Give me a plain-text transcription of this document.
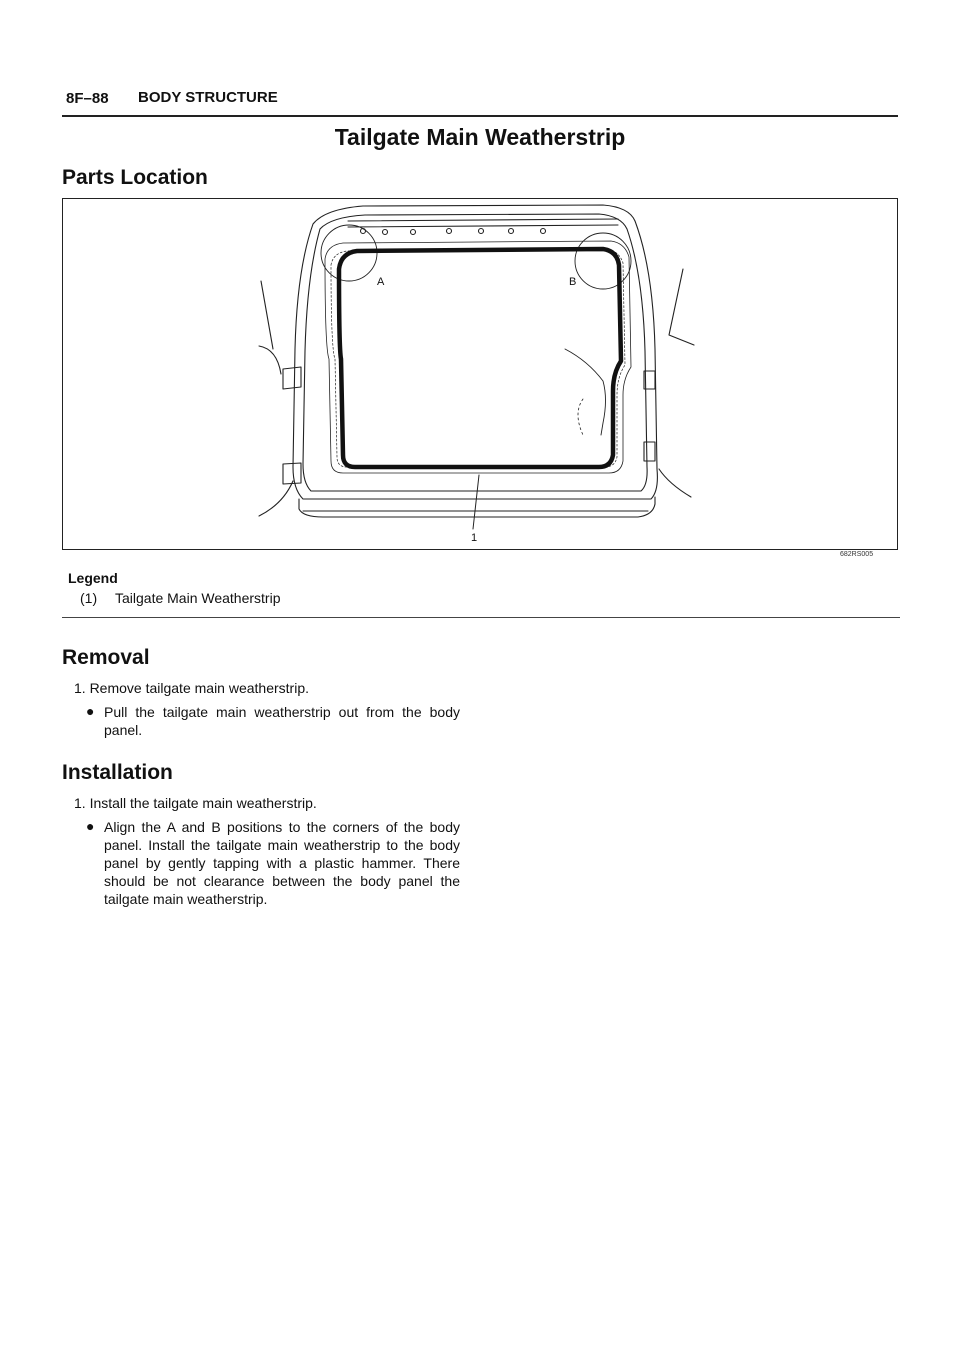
8F–88 BODY STRUCTURE
Tailgate Main Weatherstrip
Parts Location
A	B
1
682RS005
Legend
(1) Tailgate Main Weatherstrip
Removal
1. Remove tailgate main weatherstrip.
● Pull the tailgate main weatherstrip out from the body panel.
Installation
1. Install the tailgate main weatherstrip.
● Align the A and B positions to the corners of the body panel. Install the tailgate main weatherstrip to the body panel by gently tapping with a plastic hammer. There should be not clearance between the body panel the tailgate main weatherstrip.
